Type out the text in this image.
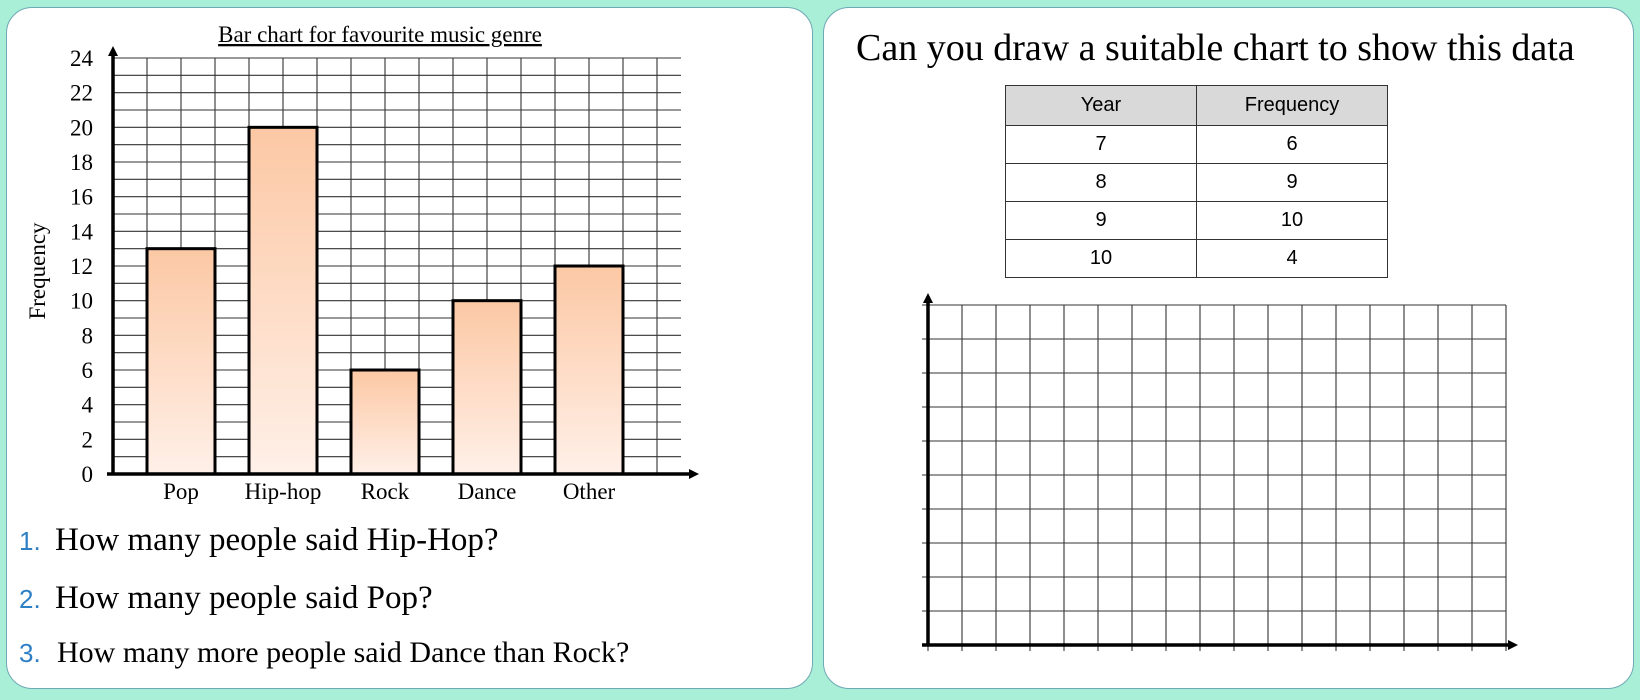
Bar chart for favourite music genre
Frequency
0
2
4
6
8
10
12
14
16
18
20
22
24
Pop Hip-hop Rock Dance Other
1. How many people said Hip-Hop?
2. How many people said Pop?
3. How many more people said Dance than Rock?
Can you draw a suitable chart to show this data
Year	Frequency
7	6
8	9
9	10
10	4
